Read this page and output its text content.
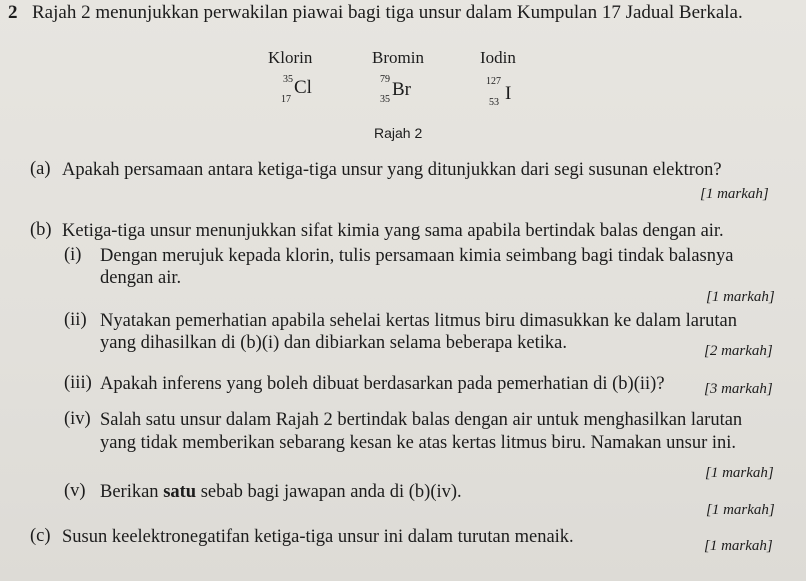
2 Rajah 2 menunjukkan perwakilan piawai bagi tiga unsur dalam Kumpulan 17 Jadual Berkala.
Klorin
35
17
Cl
Bromin
79
35 Br
Iodin
127
53 I
Rajah 2
(a) Apakah persamaan antara ketiga-tiga unsur yang ditunjukkan dari segi susunan elektron?
[1 markah]
(b) Ketiga-tiga unsur menunjukkan sifat kimia yang sama apabila bertindak balas dengan air.
(i) Dengan merujuk kepada klorin, tulis persamaan kimia seimbang bagi tindak balasnya
dengan air.
[1 markah]
(ii) Nyatakan pemerhatian apabila sehelai kertas litmus biru dimasukkan ke dalam larutan
yang dihasilkan di (b)(i) dan dibiarkan selama beberapa ketika.	[2 markah]
(iii) Apakah inferens yang boleh dibuat berdasarkan pada pemerhatian di (b)(ii)?	[3 markah]
(iv) Salah satu unsur dalam Rajah 2 bertindak balas dengan air untuk menghasilkan larutan
yang tidak memberikan sebarang kesan ke atas kertas litmus biru. Namakan unsur ini.
[1 markah]
(v) Berikan satu sebab bagi jawapan anda di (b)(iv).
[1 markah]
(c) Susun keelektronegatifan ketiga-tiga unsur ini dalam turutan menaik.	[1 markah]
